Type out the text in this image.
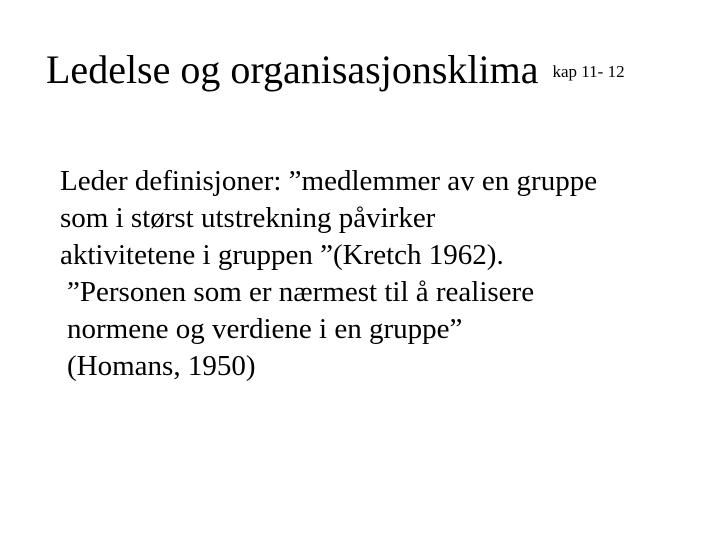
Ledelse og organisasjonsklima kap 11- 12

Leder definisjoner: ”medlemmer av en gruppe
som i størst utstrekning påvirker
aktivitetene i gruppen ”(Kretch 1962).

”Personen som er nærmest til å realisere
normene og verdiene i en gruppe”
(Homans, 1950)
